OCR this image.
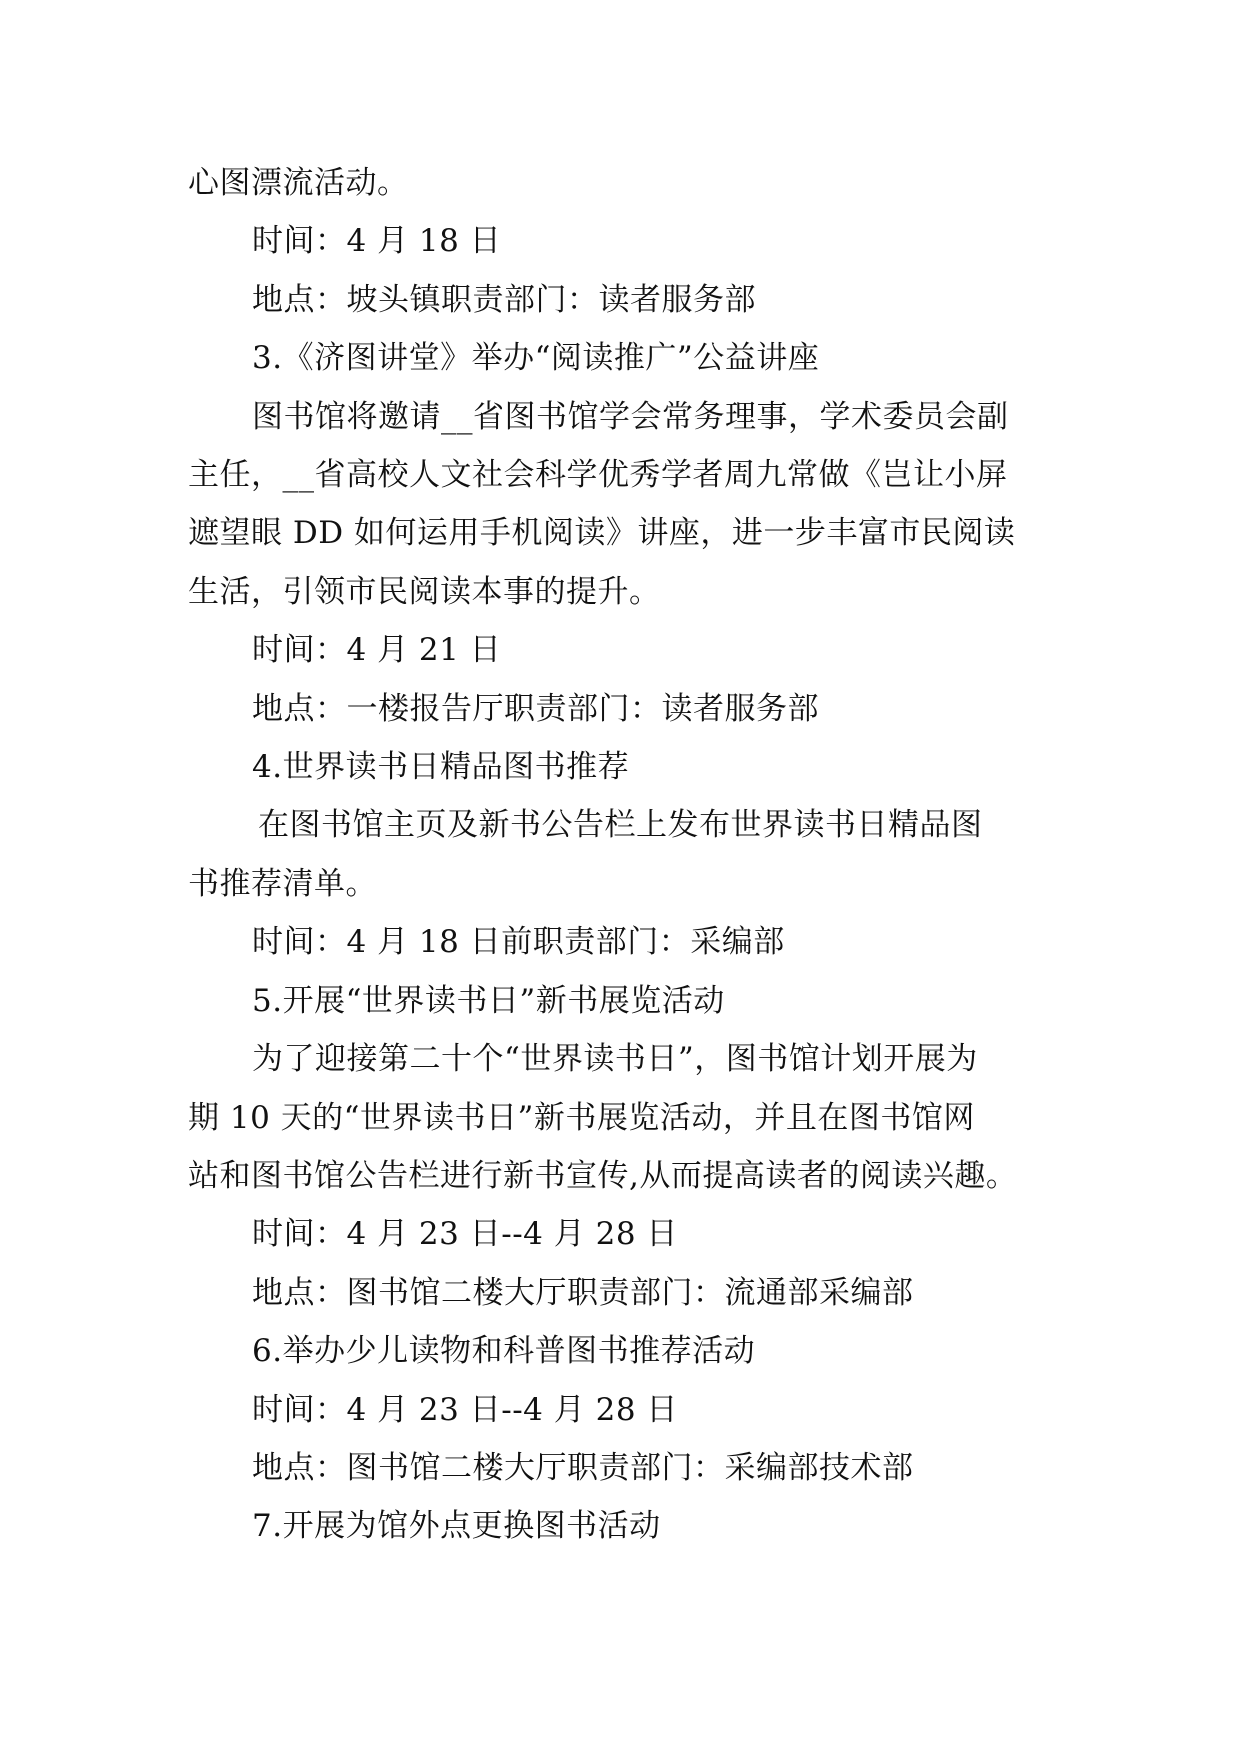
心图漂流活动。

时间：4 月 18 日

地点：坡头镇职责部门：读者服务部

3.《济图讲堂》举办“阅读推广”公益讲座

图书馆将邀请__省图书馆学会常务理事，学术委员会副

主任，__省高校人文社会科学优秀学者周九常做《岂让小屏

遮望眼 DD 如何运用手机阅读》讲座，进一步丰富市民阅读

生活，引领市民阅读本事的提升。

时间：4 月 21 日

地点：一楼报告厅职责部门：读者服务部

4.世界读书日精品图书推荐

在图书馆主页及新书公告栏上发布世界读书日精品图

书推荐清单。

时间：4 月 18 日前职责部门：采编部

5.开展“世界读书日”新书展览活动

为了迎接第二十个“世界读书日”，图书馆计划开展为

期 10 天的“世界读书日”新书展览活动，并且在图书馆网

站和图书馆公告栏进行新书宣传,从而提高读者的阅读兴趣。

时间：4 月 23 日--4 月 28 日

地点：图书馆二楼大厅职责部门：流通部采编部

6.举办少儿读物和科普图书推荐活动

时间：4 月 23 日--4 月 28 日

地点：图书馆二楼大厅职责部门：采编部技术部

7.开展为馆外点更换图书活动
